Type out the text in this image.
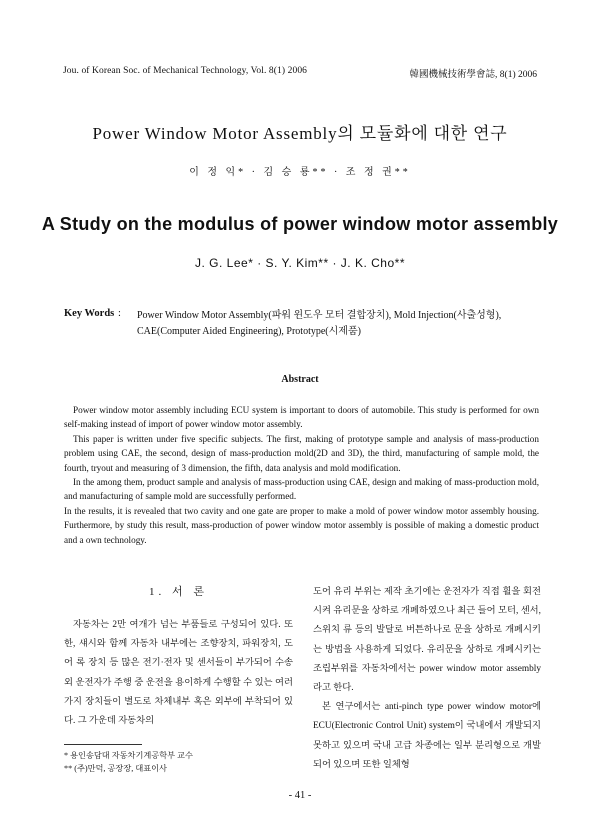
Jou. of Korean Soc. of Mechanical Technology, Vol. 8(1) 2006	韓國機械技術學會誌, 8(1) 2006
Power Window Motor Assembly의 모듈화에 대한 연구
이 정 익* · 김 승 룡** · 조 정 권**
A Study on the modulus of power window motor assembly
J. G. Lee* · S. Y. Kim** · J. K. Cho**
Key Words : Power Window Motor Assembly(파워 윈도우 모터 결합장치), Mold Injection(사출성형), CAE(Computer Aided Engineering), Prototype(시제품)
Abstract

Power window motor assembly including ECU system is important to doors of automobile. This study is performed for own self-making instead of import of power window motor assembly.

This paper is written under five specific subjects. The first, making of prototype sample and analysis of mass-production problem using CAE, the second, design of mass-production mold(2D and 3D), the third, manufacturing of sample mold, the fourth, tryout and measuring of 3 dimension, the fifth, data analysis and mold modification.

In the among them, product sample and analysis of mass-production using CAE, design and making of mass-production mold, and manufacturing of sample mold are successfully performed.

In the results, it is revealed that two cavity and one gate are proper to make a mold of power window motor assembly housing. Furthermore, by study this result, mass-production of power window motor assembly is possible of making a domestic product and a own technology.

1. 서 론

자동차는 2만 여개가 넘는 부품들로 구성되어 있다. 또한, 섀시와 함께 자동차 내부에는 조향장치, 파워장치, 도어 록 장치 등 많은 전기·전자 및 센서들이 부가되어 수송 외 운전자가 주행 중 운전을 용이하게 수행할 수 있는 여러 가지 장치들이 별도로 차체내부 혹은 외부에 부착되어 있다. 그 가운데 자동차의

도어 유리 부위는 제작 초기에는 운전자가 직접 휠을 회전시켜 유리문을 상하로 개폐하였으나 최근 들어 모터, 센서, 스위치 류 등의 발달로 버튼하나로 문을 상하로 개폐시키는 방법을 사용하게 되었다. 유리문을 상하로 개폐시키는 조립부위를 자동차에서는 power window motor assembly라고 한다.

본 연구에서는 anti-pinch type power window motor에 ECU(Electronic Control Unit) system이 국내에서 개발되지 못하고 있으며 국내 고급 차종에는 일부 분리형으로 개발되어 있으며 또한 일체형

* 용인송담대 자동차기계공학부 교수
** (주)만덕, 공장장, 대표이사
- 41 -
